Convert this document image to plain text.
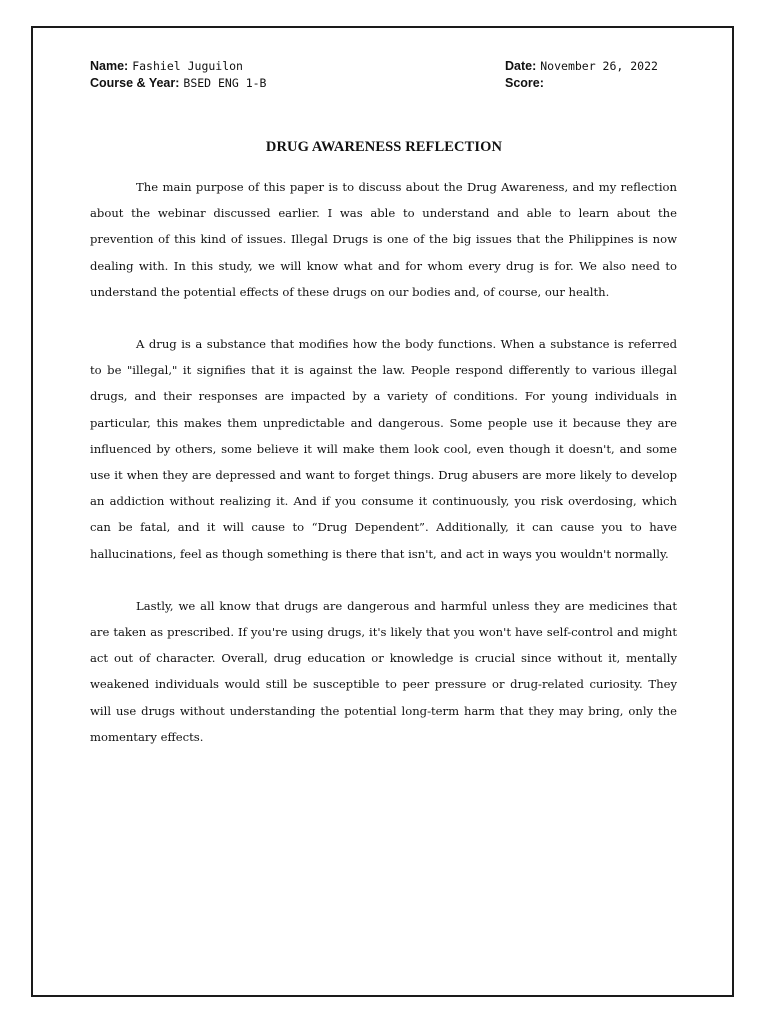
Name: Fashiel Juguilon	Date: November 26, 2022
Course & Year: BSED ENG 1-B	Score:
DRUG AWARENESS REFLECTION

The main purpose of this paper is to discuss about the Drug Awareness, and my reflection about the webinar discussed earlier. I was able to understand and able to learn about the prevention of this kind of issues. Illegal Drugs is one of the big issues that the Philippines is now dealing with. In this study, we will know what and for whom every drug is for. We also need to understand the potential effects of these drugs on our bodies and, of course, our health.

A drug is a substance that modifies how the body functions. When a substance is referred to be "illegal," it signifies that it is against the law. People respond differently to various illegal drugs, and their responses are impacted by a variety of conditions. For young individuals in particular, this makes them unpredictable and dangerous. Some people use it because they are influenced by others, some believe it will make them look cool, even though it doesn't, and some use it when they are depressed and want to forget things. Drug abusers are more likely to develop an addiction without realizing it. And if you consume it continuously, you risk overdosing, which can be fatal, and it will cause to “Drug Dependent”. Additionally, it can cause you to have hallucinations, feel as though something is there that isn't, and act in ways you wouldn't normally.

Lastly, we all know that drugs are dangerous and harmful unless they are medicines that are taken as prescribed. If you're using drugs, it's likely that you won't have self-control and might act out of character. Overall, drug education or knowledge is crucial since without it, mentally weakened individuals would still be susceptible to peer pressure or drug-related curiosity. They will use drugs without understanding the potential long-term harm that they may bring, only the momentary effects.
